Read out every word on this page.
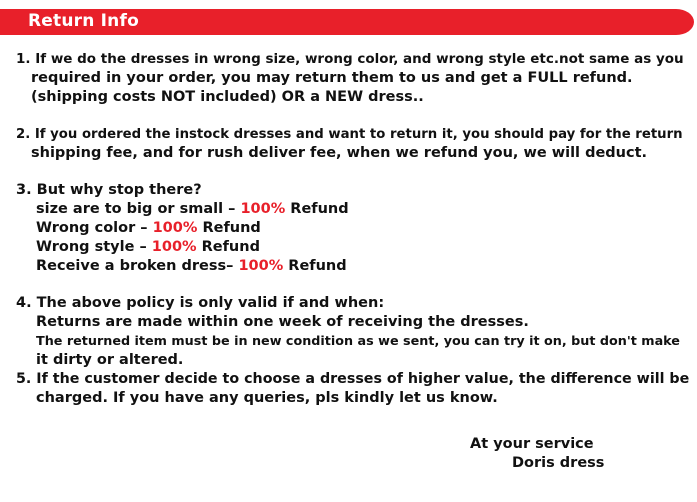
Return Info
1. If we do the dresses in wrong size, wrong color, and wrong style etc.not same as you
required in your order, you may return them to us and get a FULL refund.
(shipping costs NOT included) OR a NEW dress..
2. If you ordered the instock dresses and want to return it, you should pay for the return
shipping fee, and for rush deliver fee, when we refund you, we will deduct.
3. But why stop there?
size are to big or small – 100% Refund
Wrong color – 100% Refund
Wrong style – 100% Refund
Receive a broken dress– 100% Refund
4. The above policy is only valid if and when:
Returns are made within one week of receiving the dresses.
The returned item must be in new condition as we sent, you can try it on, but don't make
it dirty or altered.
5. If the customer decide to choose a dresses of higher value, the difference will be
charged. If you have any queries, pls kindly let us know.
At your service
Doris dress
